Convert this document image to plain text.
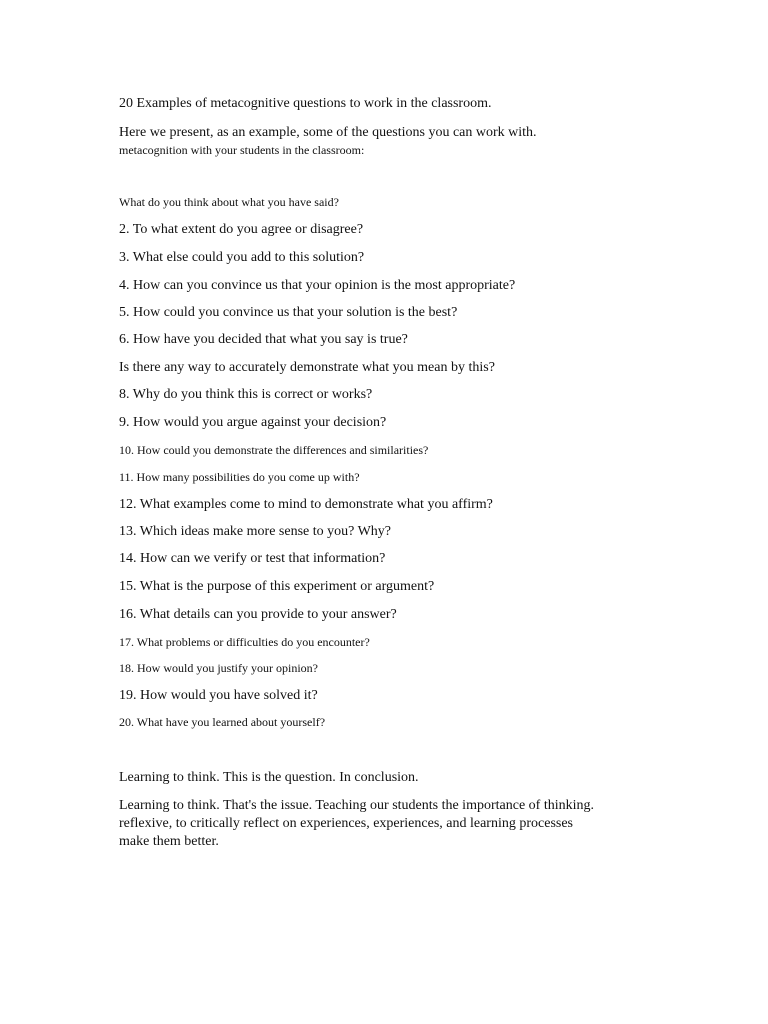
20 Examples of metacognitive questions to work in the classroom.
Here we present, as an example, some of the questions you can work with.
metacognition with your students in the classroom:
What do you think about what you have said?
2. To what extent do you agree or disagree?
3. What else could you add to this solution?
4. How can you convince us that your opinion is the most appropriate?
5. How could you convince us that your solution is the best?
6. How have you decided that what you say is true?
Is there any way to accurately demonstrate what you mean by this?
8. Why do you think this is correct or works?
9. How would you argue against your decision?
10. How could you demonstrate the differences and similarities?
11. How many possibilities do you come up with?
12. What examples come to mind to demonstrate what you affirm?
13. Which ideas make more sense to you? Why?
14. How can we verify or test that information?
15. What is the purpose of this experiment or argument?
16. What details can you provide to your answer?
17. What problems or difficulties do you encounter?
18. How would you justify your opinion?
19. How would you have solved it?
20. What have you learned about yourself?
Learning to think. This is the question. In conclusion.
Learning to think. That's the issue. Teaching our students the importance of thinking.
reflexive, to critically reflect on experiences, experiences, and learning processes
make them better.
